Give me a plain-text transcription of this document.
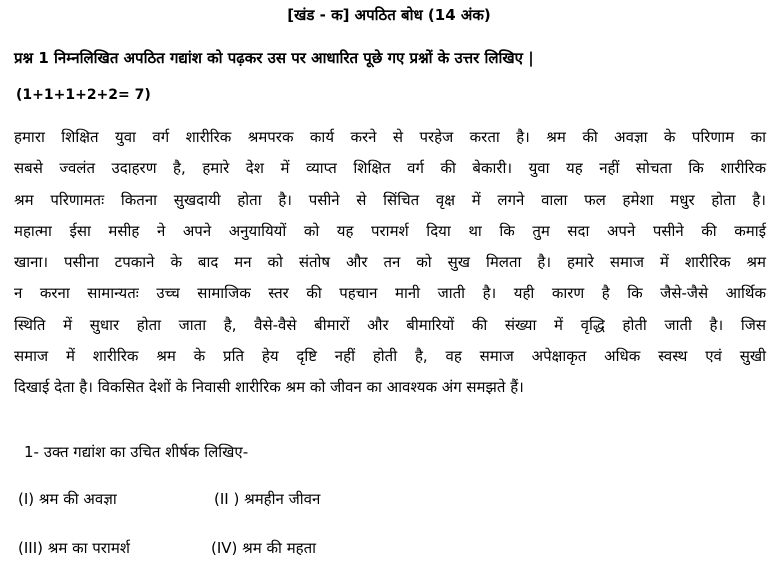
[खंड - क] अपठित बोध (14 अंक)
प्रश्न 1 निम्नलिखित अपठित गद्यांश को पढ़कर उस पर आधारित पूछे गए प्रश्नों के उत्तर लिखिए |
(1+1+1+2+2= 7)
हमारा शिक्षित युवा वर्ग शारीरिक श्रमपरक कार्य करने से परहेज करता है। श्रम की अवज्ञा के परिणाम का
सबसे ज्वलंत उदाहरण है, हमारे देश में व्याप्त शिक्षित वर्ग की बेकारी। युवा यह नहीं सोचता कि शारीरिक
श्रम परिणामतः कितना सुखदायी होता है। पसीने से सिंचित वृक्ष में लगने वाला फल हमेशा मधुर होता है।
महात्मा ईसा मसीह ने अपने अनुयायियों को यह परामर्श दिया था कि तुम सदा अपने पसीने की कमाई
खाना। पसीना टपकाने के बाद मन को संतोष और तन को सुख मिलता है। हमारे समाज में शारीरिक श्रम
न करना सामान्यतः उच्च सामाजिक स्तर की पहचान मानी जाती है। यही कारण है कि जैसे-जैसे आर्थिक
स्थिति में सुधार होता जाता है, वैसे-वैसे बीमारों और बीमारियों की संख्या में वृद्धि होती जाती है। जिस
समाज में शारीरिक श्रम के प्रति हेय दृष्टि नहीं होती है, वह समाज अपेक्षाकृत अधिक स्वस्थ एवं सुखी
दिखाई देता है। विकसित देशों के निवासी शारीरिक श्रम को जीवन का आवश्यक अंग समझते हैं।
1- उक्त गद्यांश का उचित शीर्षक लिखिए-
(I) श्रम की अवज्ञा	(II ) श्रमहीन जीवन
(III) श्रम का परामर्श	(IV) श्रम की महता
